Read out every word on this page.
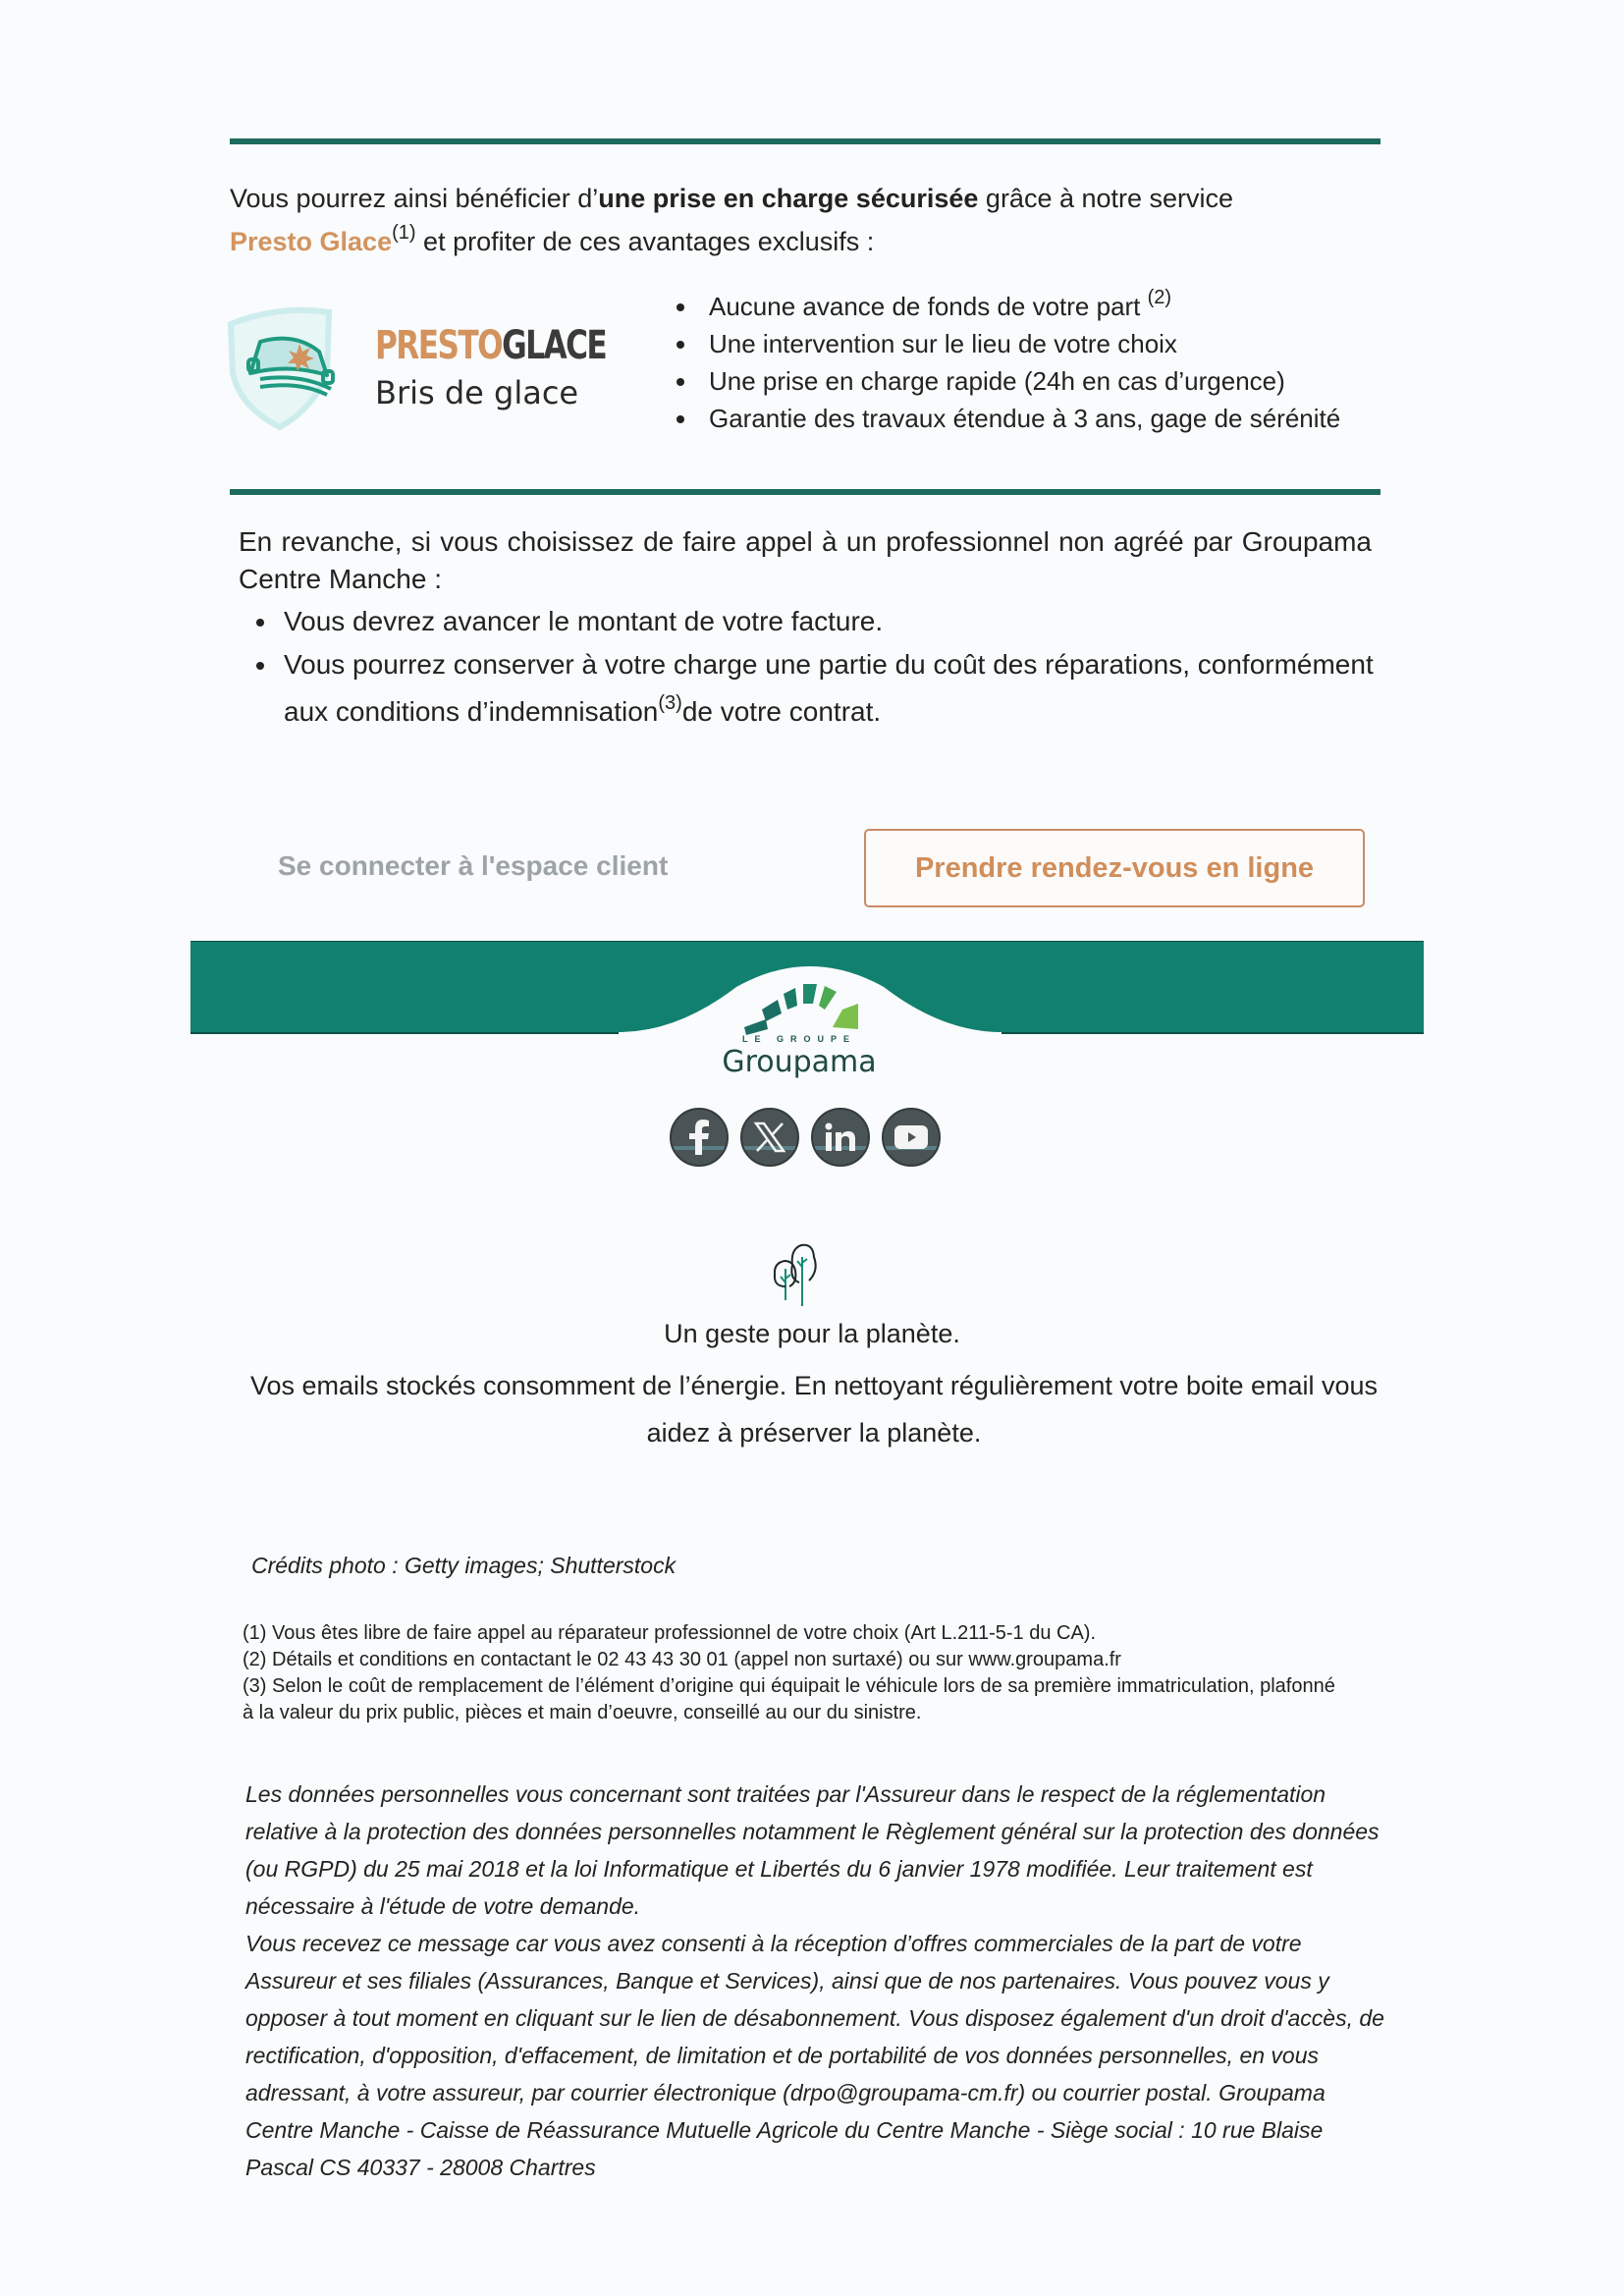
Vous pourrez ainsi bénéficier d’une prise en charge sécurisée grâce à notre service
Presto Glace$^{(1)}$ et profiter de ces avantages exclusifs :
PRESTOGLACE
Bris de glace
• Aucune avance de fonds de votre part $^{(2)}$
• Une intervention sur le lieu de votre choix
• Une prise en charge rapide (24h en cas d’urgence)
• Garantie des travaux étendue à 3 ans, gage de sérénité

En revanche, si vous choisissez de faire appel à un professionnel non agréé par Groupama Centre Manche :

• Vous devrez avancer le montant de votre facture.
• Vous pourrez conserver à votre charge une partie du coût des réparations, conformément aux conditions d’indemnisation$^{(3)}$de votre contrat.
Se connecter à l'espace client	Prendre rendez-vous en ligne
LE GROUPE
Groupama
Un geste pour la planète.
Vos emails stockés consomment de l’énergie. En nettoyant régulièrement votre boite email vous aidez à préserver la planète.
Crédits photo : Getty images; Shutterstock

(1) Vous êtes libre de faire appel au réparateur professionnel de votre choix (Art L.211-5-1 du CA).

(2) Détails et conditions en contactant le 02 43 43 30 01 (appel non surtaxé) ou sur www.groupama.fr

(3) Selon le coût de remplacement de l’élément d’origine qui équipait le véhicule lors de sa première immatriculation, plafonné à la valeur du prix public, pièces et main d’oeuvre, conseillé au our du sinistre.

Les données personnelles vous concernant sont traitées par l'Assureur dans le respect de la réglementation relative à la protection des données personnelles notamment le Règlement général sur la protection des données (ou RGPD) du 25 mai 2018 et la loi Informatique et Libertés du 6 janvier 1978 modifiée. Leur traitement est nécessaire à l'étude de votre demande.

Vous recevez ce message car vous avez consenti à la réception d’offres commerciales de la part de votre Assureur et ses filiales (Assurances, Banque et Services), ainsi que de nos partenaires. Vous pouvez vous y opposer à tout moment en cliquant sur le lien de désabonnement. Vous disposez également d'un droit d'accès, de rectification, d'opposition, d'effacement, de limitation et de portabilité de vos données personnelles, en vous adressant, à votre assureur, par courrier électronique (drpo@groupama-cm.fr) ou courrier postal. Groupama Centre Manche - Caisse de Réassurance Mutuelle Agricole du Centre Manche - Siège social : 10 rue Blaise Pascal CS 40337 - 28008 Chartres
